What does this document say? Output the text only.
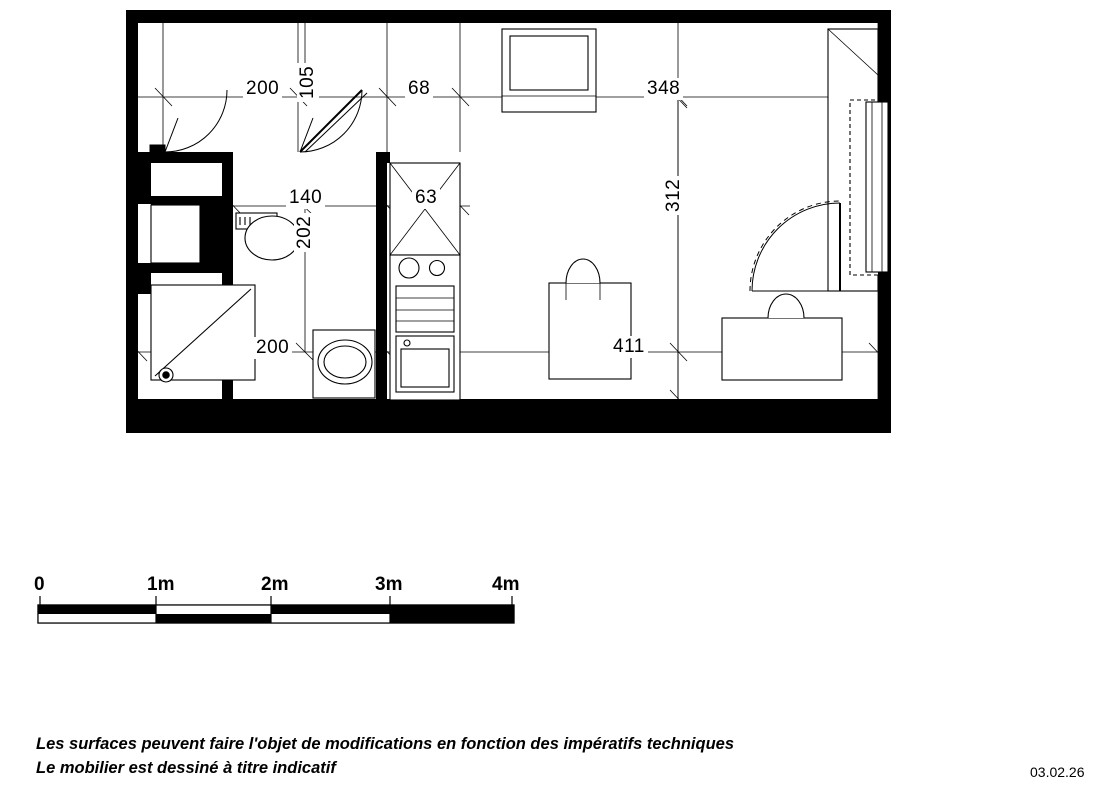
200 105	68	348
140	63	312
202
200	411
0	1m	2m	3m	4m
Les surfaces peuvent faire l'objet de modifications en fonction des impératifs techniques
Le mobilier est dessiné à titre indicatif	03.02.26
